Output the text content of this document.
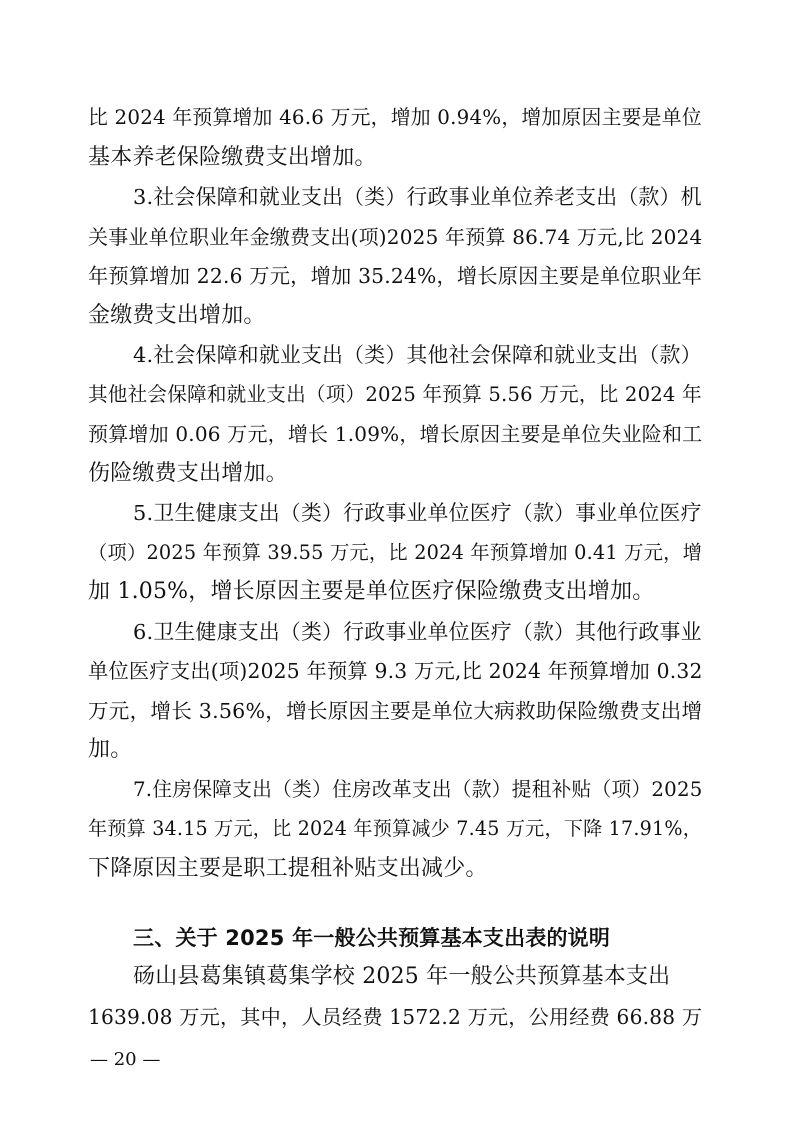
比 2024 年预算增加 46.6 万元，增加 0.94%，增加原因主要是单位
基本养老保险缴费支出增加。
3.社会保障和就业支出（类）行政事业单位养老支出（款）机
关事业单位职业年金缴费支出(项)2025 年预算 86.74 万元,比 2024
年预算增加 22.6 万元，增加 35.24%，增长原因主要是单位职业年
金缴费支出增加。
4.社会保障和就业支出（类）其他社会保障和就业支出（款）
其他社会保障和就业支出（项）2025 年预算 5.56 万元，比 2024 年
预算增加 0.06 万元，增长 1.09%，增长原因主要是单位失业险和工
伤险缴费支出增加。
5.卫生健康支出（类）行政事业单位医疗（款）事业单位医疗
（项）2025 年预算 39.55 万元，比 2024 年预算增加 0.41 万元，增
加 1.05%，增长原因主要是单位医疗保险缴费支出增加。
6.卫生健康支出（类）行政事业单位医疗（款）其他行政事业
单位医疗支出(项)2025 年预算 9.3 万元,比 2024 年预算增加 0.32
万元，增长 3.56%，增长原因主要是单位大病救助保险缴费支出增
加。
7.住房保障支出（类）住房改革支出（款）提租补贴（项）2025
年预算 34.15 万元，比 2024 年预算减少 7.45 万元，下降 17.91%，
下降原因主要是职工提租补贴支出减少。
三、关于 2025 年一般公共预算基本支出表的说明
砀山县葛集镇葛集学校 2025 年一般公共预算基本支出
1639.08 万元，其中，人员经费 1572.2 万元，公用经费 66.88 万
— 20 —
